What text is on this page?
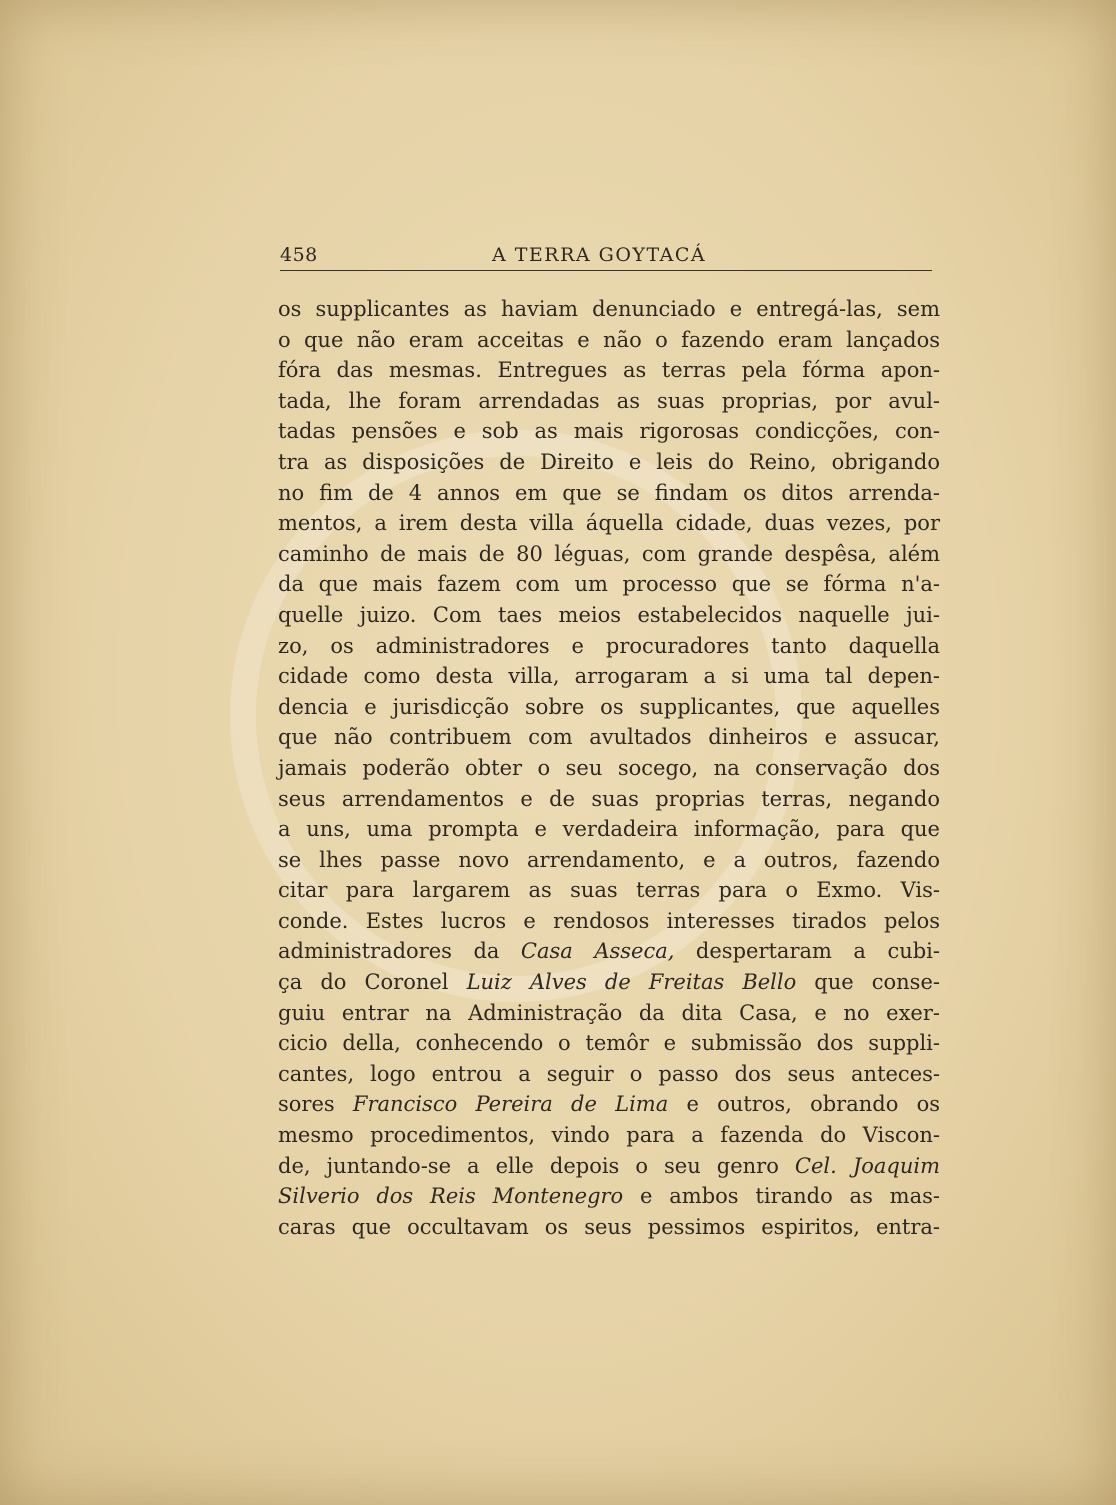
458	A TERRA GOYTACÁ
os supplicantes as haviam denunciado e entregá-las, sem
o que não eram acceitas e não o fazendo eram lançados
fóra das mesmas. Entregues as terras pela fórma apon-
tada, lhe foram arrendadas as suas proprias, por avul-
tadas pensões e sob as mais rigorosas condicções, con-
tra as disposições de Direito e leis do Reino, obrigando
no fim de 4 annos em que se findam os ditos arrenda-
mentos, a irem desta villa áquella cidade, duas vezes, por
caminho de mais de 80 léguas, com grande despêsa, além
da que mais fazem com um processo que se fórma n'a-
quelle juizo. Com taes meios estabelecidos naquelle jui-
zo, os administradores e procuradores tanto daquella
cidade como desta villa, arrogaram a si uma tal depen-
dencia e jurisdicção sobre os supplicantes, que aquelles
que não contribuem com avultados dinheiros e assucar,
jamais poderão obter o seu socego, na conservação dos
seus arrendamentos e de suas proprias terras, negando
a uns, uma prompta e verdadeira informação, para que
se lhes passe novo arrendamento, e a outros, fazendo
citar para largarem as suas terras para o Exmo. Vis-
conde. Estes lucros e rendosos interesses tirados pelos
administradores da Casa Asseca, despertaram a cubi-
ça do Coronel Luiz Alves de Freitas Bello que conse-
guiu entrar na Administração da dita Casa, e no exer-
cicio della, conhecendo o temôr e submissão dos suppli-
cantes, logo entrou a seguir o passo dos seus anteces-
sores Francisco Pereira de Lima e outros, obrando os
mesmo procedimentos, vindo para a fazenda do Viscon-
de, juntando-se a elle depois o seu genro Cel. Joaquim
Silverio dos Reis Montenegro e ambos tirando as mas-
caras que occultavam os seus pessimos espiritos, entra-
